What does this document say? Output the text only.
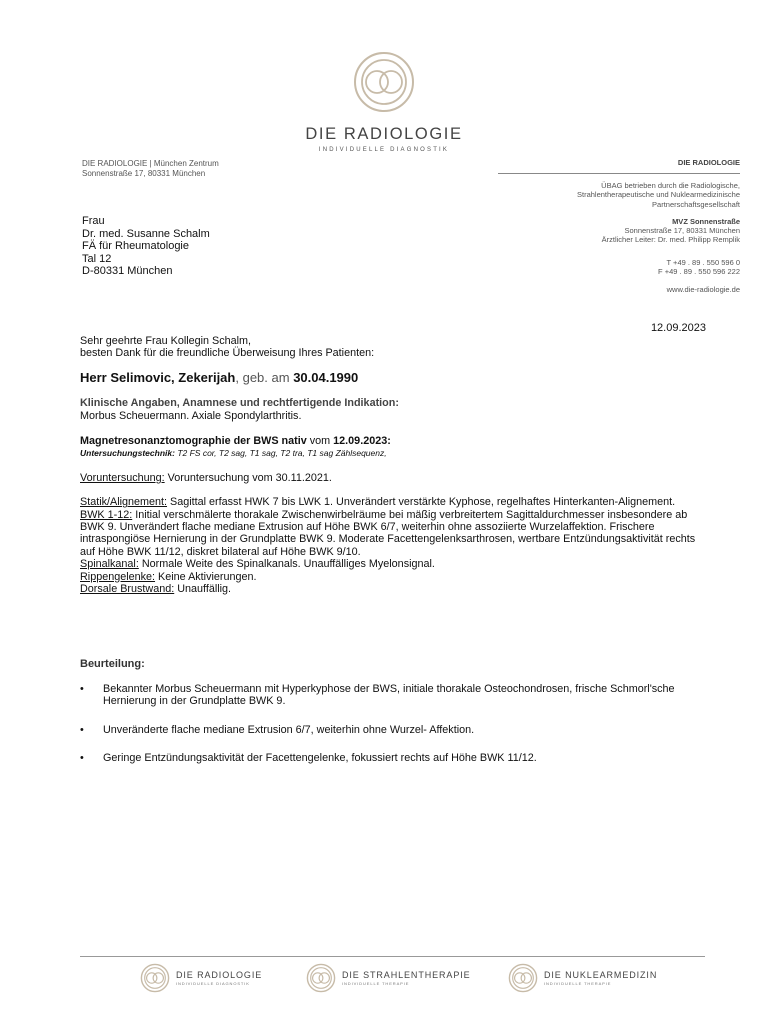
DIE RADIOLOGIE
INDIVIDUELLE DIAGNOSTIK
DIE RADIOLOGIE | München Zentrum
Sonnenstraße 17, 80331 München
DIE RADIOLOGIE
ÜBAG betrieben durch die Radiologische,
Strahlentherapeutische und Nuklearmedizinische
Partnerschaftsgesellschaft
MVZ Sonnenstraße
Sonnenstraße 17, 80331 München
Ärztlicher Leiter: Dr. med. Philipp Remplik
T +49 . 89 . 550 596 0
F +49 . 89 . 550 596 222
www.die-radiologie.de
Frau
Dr. med. Susanne Schalm
FÄ für Rheumatologie
Tal 12
D-80331 München
12.09.2023
Sehr geehrte Frau Kollegin Schalm,
besten Dank für die freundliche Überweisung Ihres Patienten:
Herr Selimovic, Zekerijah, geb. am 30.04.1990
Klinische Angaben, Anamnese und rechtfertigende Indikation:
Morbus Scheuermann. Axiale Spondylarthritis.
Magnetresonanztomographie der BWS nativ vom 12.09.2023:
Untersuchungstechnik: T2 FS cor, T2 sag, T1 sag, T2 tra, T1 sag Zählsequenz,
Voruntersuchung: Voruntersuchung vom 30.11.2021.
Statik/Alignement: Sagittal erfasst HWK 7 bis LWK 1. Unverändert verstärkte Kyphose, regelhaftes Hinterkanten-Alignement.
BWK 1-12: Initial verschmälerte thorakale Zwischenwirbelräume bei mäßig verbreitertem Sagittaldurchmesser insbesondere ab BWK 9. Unverändert flache mediane Extrusion auf Höhe BWK 6/7, weiterhin ohne assoziierte Wurzelaffektion. Frischere intraspongiöse Hernierung in der Grundplatte BWK 9. Moderate Facettengelenksarthrosen, wertbare Entzündungsaktivität rechts auf Höhe BWK 11/12, diskret bilateral auf Höhe BWK 9/10.
Spinalkanal: Normale Weite des Spinalkanals. Unauffälliges Myelonsignal.
Rippengelenke: Keine Aktivierungen.
Dorsale Brustwand: Unauffällig.
Beurteilung:
• Bekannter Morbus Scheuermann mit Hyperkyphose der BWS, initiale thorakale Osteochondrosen, frische Schmorl'sche Hernierung in der Grundplatte BWK 9.
• Unveränderte flache mediane Extrusion 6/7, weiterhin ohne Wurzel- Affektion.
• Geringe Entzündungsaktivität der Facettengelenke, fokussiert rechts auf Höhe BWK 11/12.
DIE RADIOLOGIE
INDIVIDUELLE DIAGNOSTIK
DIE STRAHLENTHERAPIE
INDIVIDUELLE THERAPIE
DIE NUKLEARMEDIZIN
INDIVIDUELLE THERAPIE
